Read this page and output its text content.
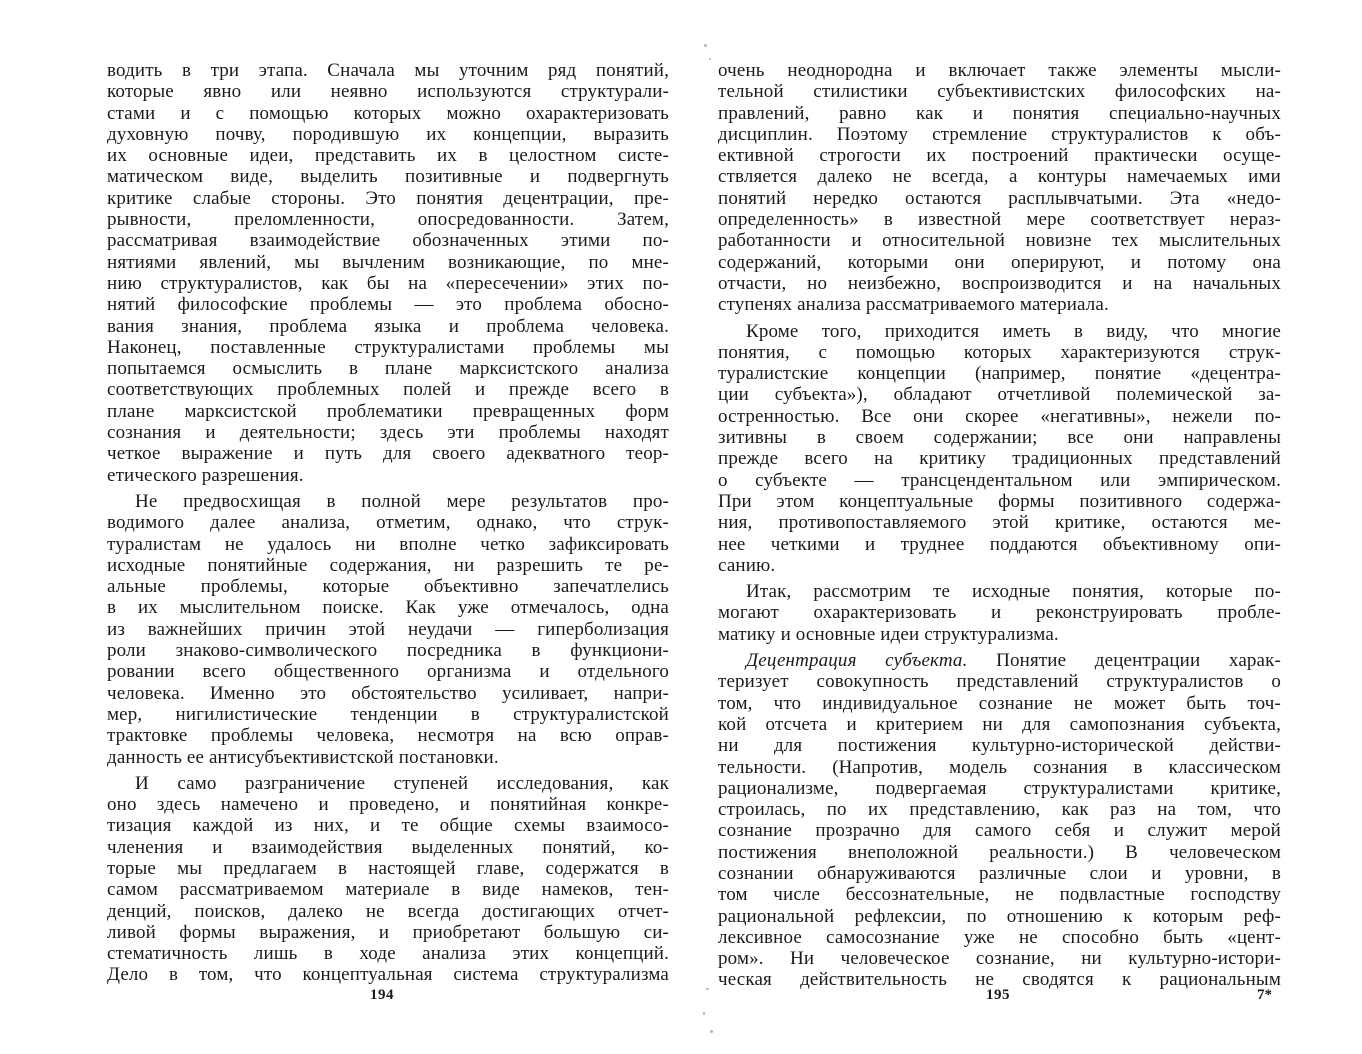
водить в три этапа. Сначала мы уточним ряд понятий,
которые явно или неявно используются структурали-
стами и с помощью которых можно охарактеризовать
духовную почву, породившую их концепции, выразить
их основные идеи, представить их в целостном систе-
матическом виде, выделить позитивные и подвергнуть
критике слабые стороны. Это понятия децентрации, пре-
рывности, преломленности, опосредованности. Затем,
рассматривая взаимодействие обозначенных этими по-
нятиями явлений, мы вычленим возникающие, по мне-
нию структуралистов, как бы на «пересечении» этих по-
нятий философские проблемы — это проблема обосно-
вания знания, проблема языка и проблема человека.
Наконец, поставленные структуралистами проблемы мы
попытаемся осмыслить в плане марксистского анализа
соответствующих проблемных полей и прежде всего в
плане марксистской проблематики превращенных форм
сознания и деятельности; здесь эти проблемы находят
четкое выражение и путь для своего адекватного теор-
етического разрешения.
Не предвосхищая в полной мере результатов про-
водимого далее анализа, отметим, однако, что струк-
туралистам не удалось ни вполне четко зафиксировать
исходные понятийные содержания, ни разрешить те ре-
альные проблемы, которые объективно запечатлелись
в их мыслительном поиске. Как уже отмечалось, одна
из важнейших причин этой неудачи — гиперболизация
роли знаково-символического посредника в функциони-
ровании всего общественного организма и отдельного
человека. Именно это обстоятельство усиливает, напри-
мер, нигилистические тенденции в структуралистской
трактовке проблемы человека, несмотря на всю оправ-
данность ее антисубъективистской постановки.
И само разграничение ступеней исследования, как
оно здесь намечено и проведено, и понятийная конкре-
тизация каждой из них, и те общие схемы взаимосо-
членения и взаимодействия выделенных понятий, ко-
торые мы предлагаем в настоящей главе, содержатся в
самом рассматриваемом материале в виде намеков, тен-
денций, поисков, далеко не всегда достигающих отчет-
ливой формы выражения, и приобретают большую си-
стематичность лишь в ходе анализа этих концепций.
Дело в том, что концептуальная система структурализма
194
очень неоднородна и включает также элементы мысли-
тельной стилистики субъективистских философских на-
правлений, равно как и понятия специально-научных
дисциплин. Поэтому стремление структуралистов к объ-
ективной строгости их построений практически осуще-
ствляется далеко не всегда, а контуры намечаемых ими
понятий нередко остаются расплывчатыми. Эта «недо-
определенность» в известной мере соответствует нераз-
работанности и относительной новизне тех мыслительных
содержаний, которыми они оперируют, и потому она
отчасти, но неизбежно, воспроизводится и на начальных
ступенях анализа рассматриваемого материала.
Кроме того, приходится иметь в виду, что многие
понятия, с помощью которых характеризуются струк-
туралистские концепции (например, понятие «децентра-
ции субъекта»), обладают отчетливой полемической за-
остренностью. Все они скорее «негативны», нежели по-
зитивны в своем содержании; все они направлены
прежде всего на критику традиционных представлений
о субъекте — трансцендентальном или эмпирическом.
При этом концептуальные формы позитивного содержа-
ния, противопоставляемого этой критике, остаются ме-
нее четкими и труднее поддаются объективному опи-
санию.
Итак, рассмотрим те исходные понятия, которые по-
могают охарактеризовать и реконструировать пробле-
матику и основные идеи структурализма.
Децентрация субъекта. Понятие децентрации харак-
теризует совокупность представлений структуралистов о
том, что индивидуальное сознание не может быть точ-
кой отсчета и критерием ни для самопознания субъекта,
ни для постижения культурно-исторической действи-
тельности. (Напротив, модель сознания в классическом
рационализме, подвергаемая структуралистами критике,
строилась, по их представлению, как раз на том, что
сознание прозрачно для самого себя и служит мерой
постижения внеположной реальности.) В человеческом
сознании обнаруживаются различные слои и уровни, в
том числе бессознательные, не подвластные господству
рациональной рефлексии, по отношению к которым реф-
лексивное самосознание уже не способно быть «цент-
ром». Ни человеческое сознание, ни культурно-истори-
ческая действительность не сводятся к рациональным
195	7*
